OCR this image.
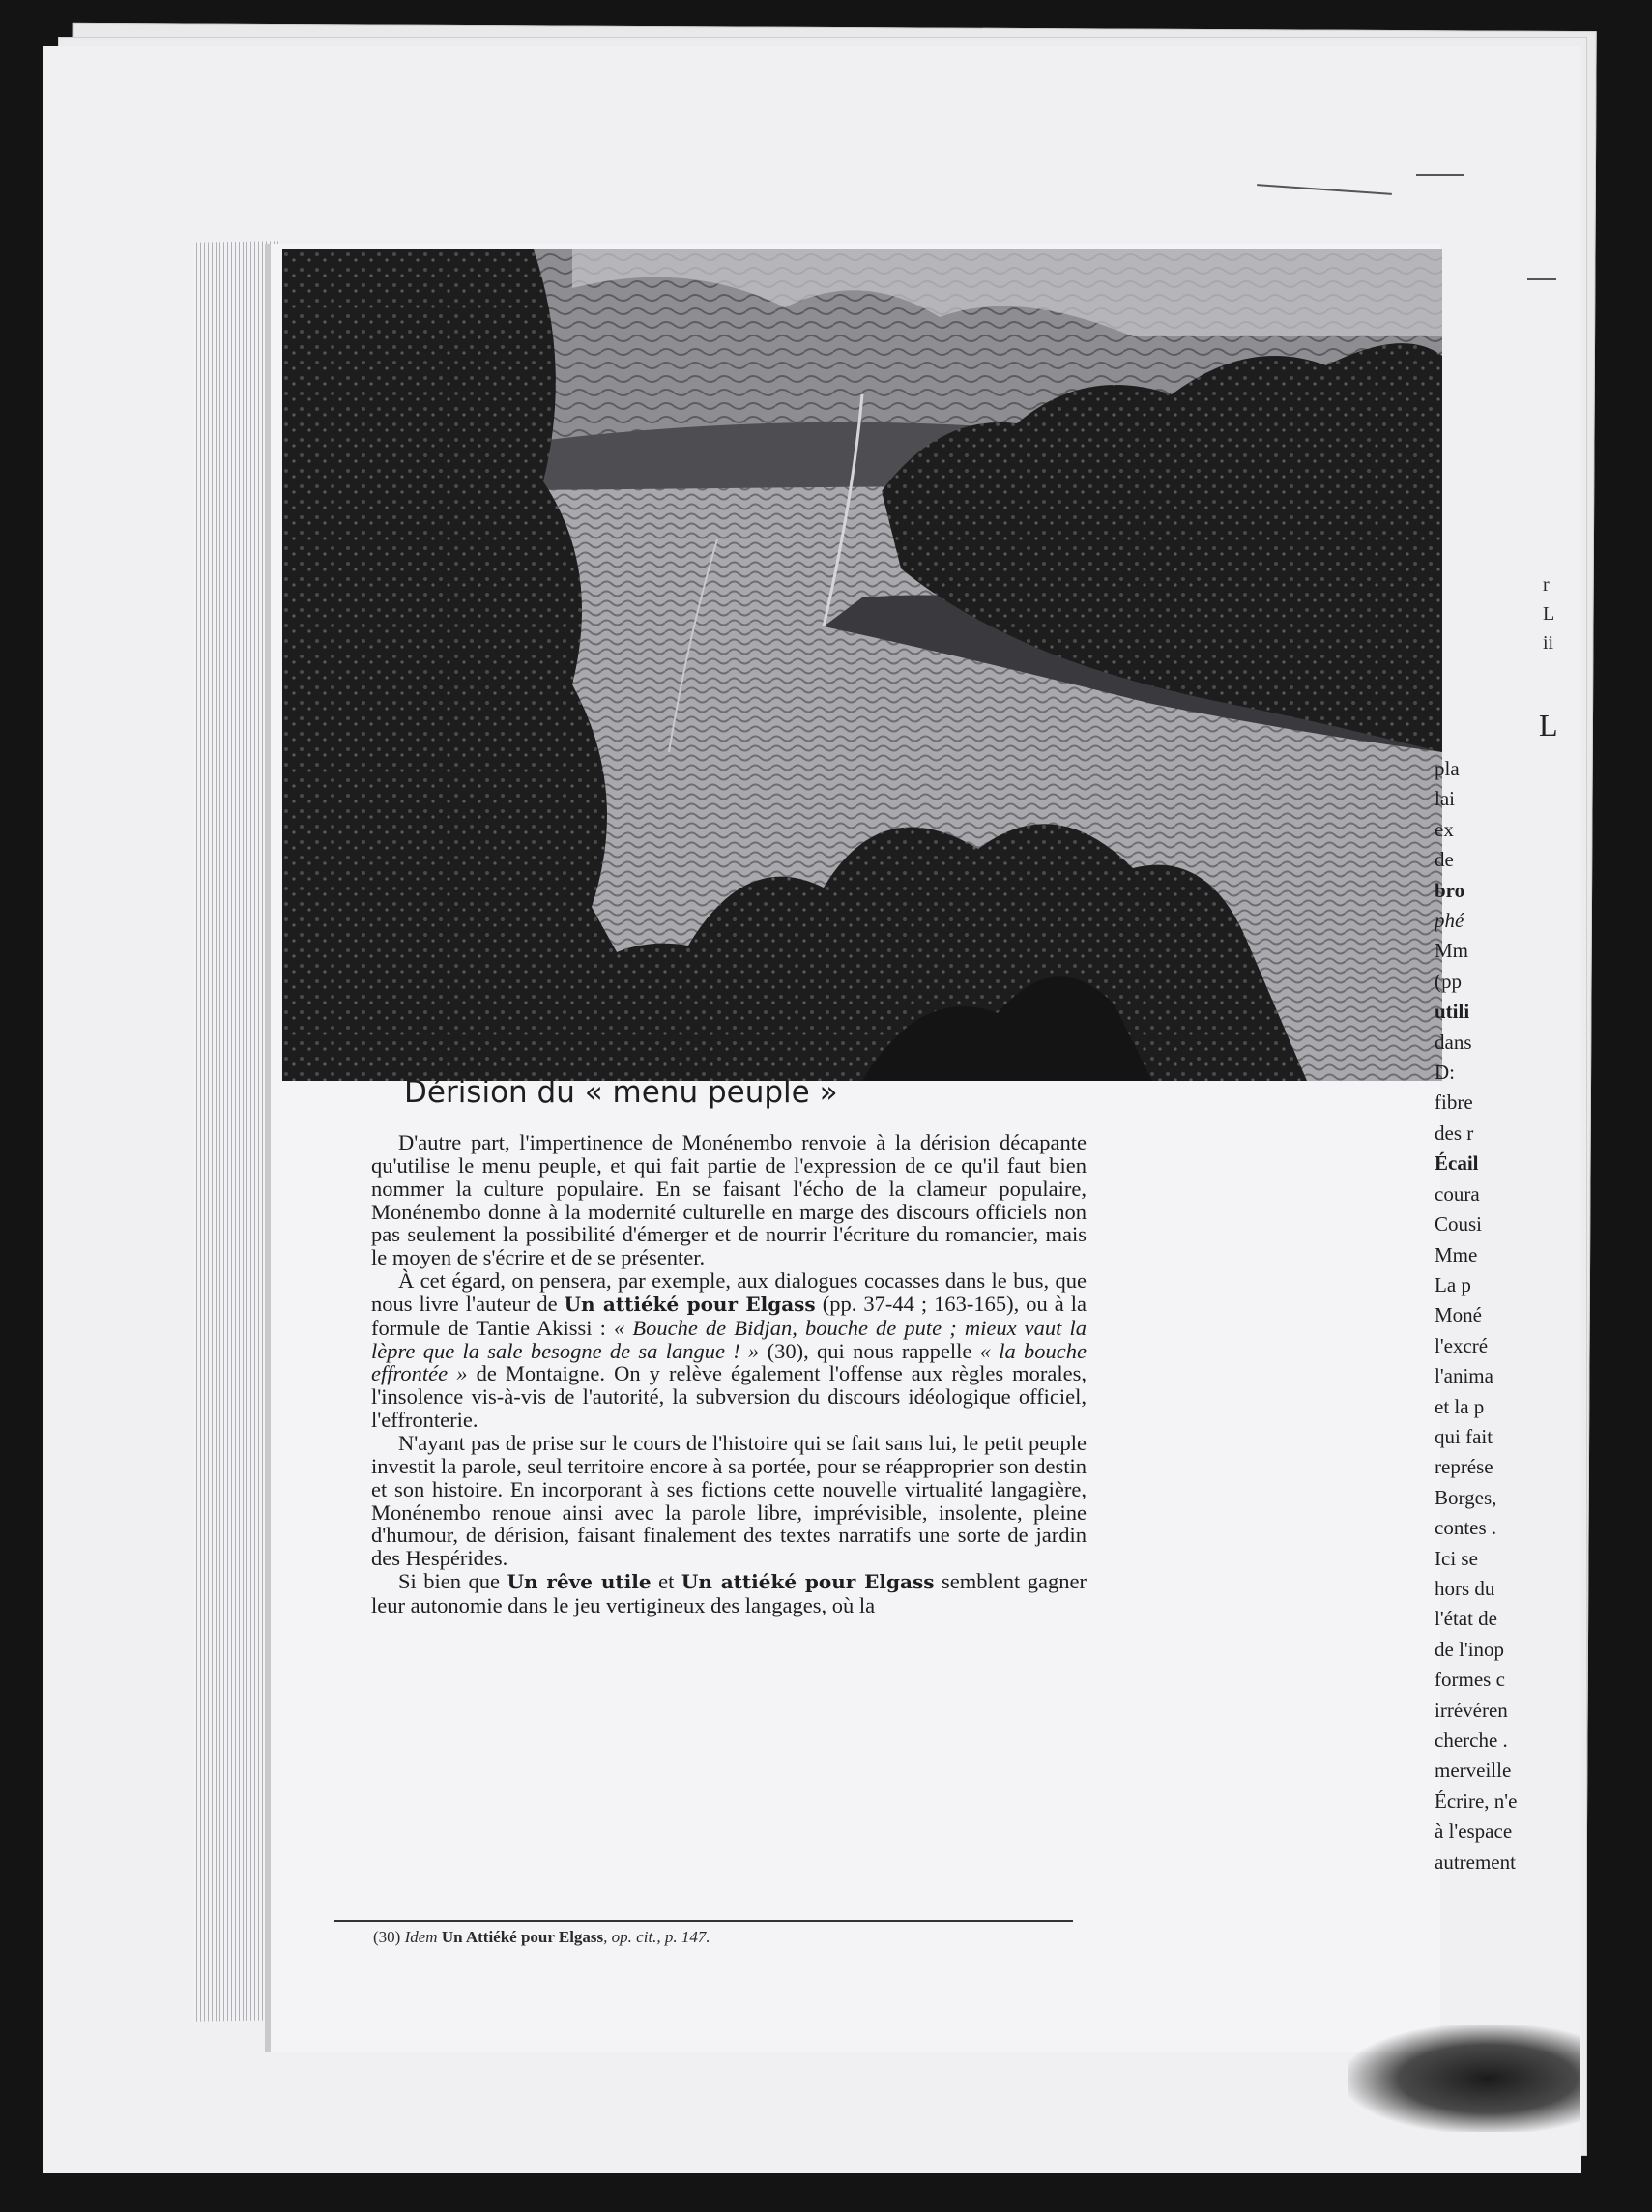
Dérision du « menu peuple »

D'autre part, l'impertinence de Monénembo renvoie à la dérision décapante qu'utilise le menu peuple, et qui fait partie de l'expression de ce qu'il faut bien nommer la culture populaire. En se faisant l'écho de la clameur populaire, Monénembo donne à la modernité culturelle en marge des discours officiels non pas seulement la possibilité d'émerger et de nourrir l'écriture du romancier, mais le moyen de s'écrire et de se présenter.

À cet égard, on pensera, par exemple, aux dialogues cocasses dans le bus, que nous livre l'auteur de Un attiéké pour Elgass (pp. 37-44 ; 163-165), ou à la formule de Tantie Akissi : « Bouche de Bidjan, bouche de pute ; mieux vaut la lèpre que la sale besogne de sa langue ! » (30), qui nous rappelle « la bouche effrontée » de Montaigne. On y relève également l'offense aux règles morales, l'insolence vis-à-vis de l'autorité, la subversion du discours idéologique officiel, l'effronterie.

N'ayant pas de prise sur le cours de l'histoire qui se fait sans lui, le petit peuple investit la parole, seul territoire encore à sa portée, pour se réapproprier son destin et son histoire. En incorporant à ses fictions cette nouvelle virtualité langagière, Monénembo renoue ainsi avec la parole libre, imprévisible, insolente, pleine d'humour, de dérision, faisant finalement des textes narratifs une sorte de jardin des Hespérides.

Si bien que Un rêve utile et Un attiéké pour Elgass semblent gagner leur autonomie dans le jeu vertigineux des langages, où la

(30) Idem Un Attiéké pour Elgass, op. cit., p. 147.
r
L
ii
L
pla
lai
ex
de
bro
phé
Mm
(pp
utili
dans
D:
fibre
des r
Écail
coura
Cousi
Mme
La p
Moné
l'excré
l'anima
et la p
qui fait
représe
Borges,
contes .
Ici se
hors du
l'état de
de l'inop
formes c
irrévéren
cherche .
merveille
Écrire, n'e
à l'espace
autrement
